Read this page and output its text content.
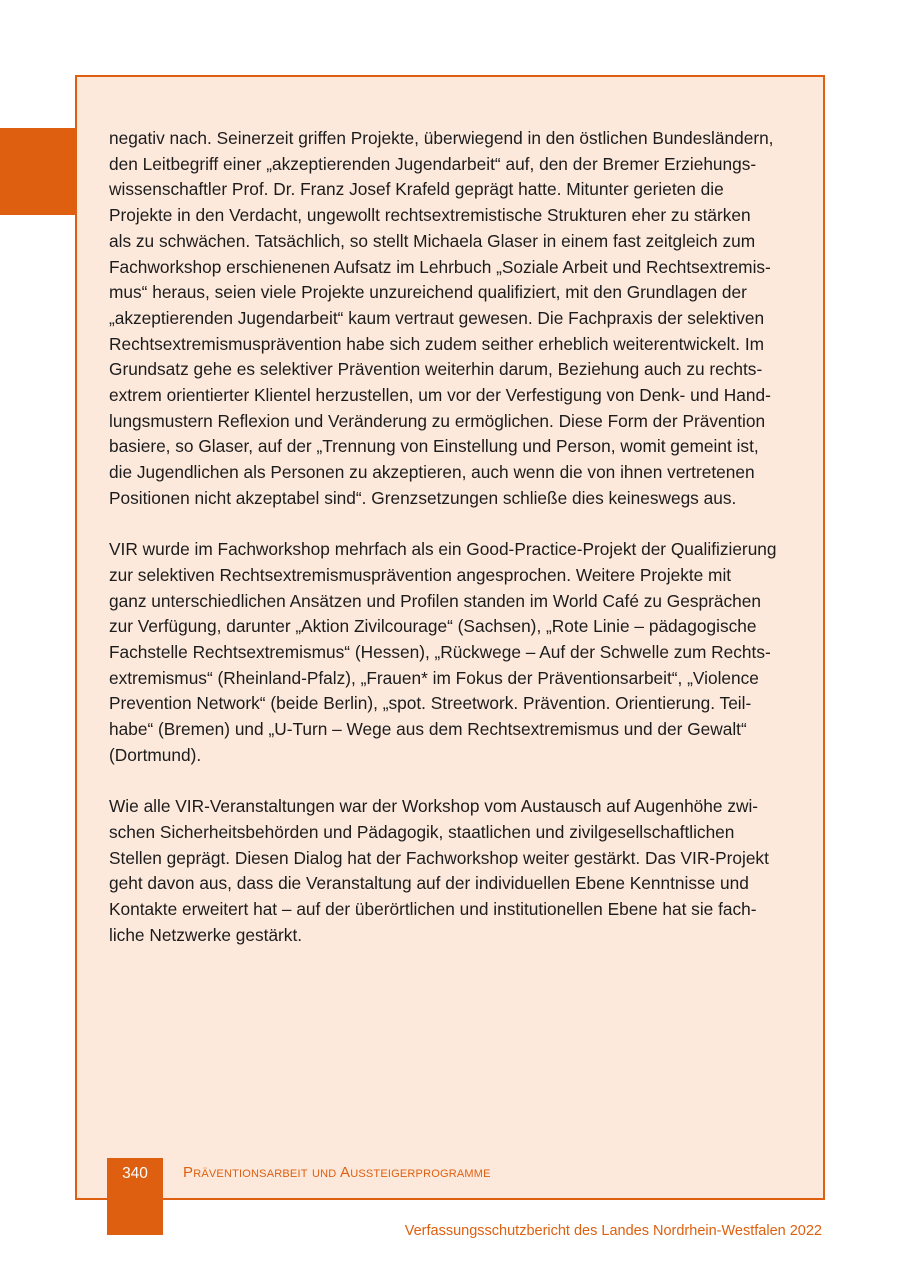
negativ nach. Seinerzeit griffen Projekte, überwiegend in den östlichen Bundesländern,
den Leitbegriff einer „akzeptierenden Jugendarbeit“ auf, den der Bremer Erziehungs-
wissenschaftler Prof. Dr. Franz Josef Krafeld geprägt hatte. Mitunter gerieten die
Projekte in den Verdacht, ungewollt rechtsextremistische Strukturen eher zu stärken
als zu schwächen. Tatsächlich, so stellt Michaela Glaser in einem fast zeitgleich zum
Fachworkshop erschienenen Aufsatz im Lehrbuch „Soziale Arbeit und Rechtsextremis-
mus“ heraus, seien viele Projekte unzureichend qualifiziert, mit den Grundlagen der
„akzeptierenden Jugendarbeit“ kaum vertraut gewesen. Die Fachpraxis der selektiven
Rechtsextremismusprävention habe sich zudem seither erheblich weiterentwickelt. Im
Grundsatz gehe es selektiver Prävention weiterhin darum, Beziehung auch zu rechts-
extrem orientierter Klientel herzustellen, um vor der Verfestigung von Denk- und Hand-
lungsmustern Reflexion und Veränderung zu ermöglichen. Diese Form der Prävention
basiere, so Glaser, auf der „Trennung von Einstellung und Person, womit gemeint ist,
die Jugendlichen als Personen zu akzeptieren, auch wenn die von ihnen vertretenen
Positionen nicht akzeptabel sind“. Grenzsetzungen schließe dies keineswegs aus.

VIR wurde im Fachworkshop mehrfach als ein Good-Practice-Projekt der Qualifizierung
zur selektiven Rechtsextremismusprävention angesprochen. Weitere Projekte mit
ganz unterschiedlichen Ansätzen und Profilen standen im World Café zu Gesprächen
zur Verfügung, darunter „Aktion Zivilcourage“ (Sachsen), „Rote Linie – pädagogische
Fachstelle Rechtsextremismus“ (Hessen), „Rückwege – Auf der Schwelle zum Rechts-
extremismus“ (Rheinland-Pfalz), „Frauen* im Fokus der Präventionsarbeit“, „Violence
Prevention Network“ (beide Berlin), „spot. Streetwork. Prävention. Orientierung. Teil-
habe“ (Bremen) und „U-Turn – Wege aus dem Rechtsextremismus und der Gewalt“
(Dortmund).

Wie alle VIR-Veranstaltungen war der Workshop vom Austausch auf Augenhöhe zwi-
schen Sicherheitsbehörden und Pädagogik, staatlichen und zivilgesellschaftlichen
Stellen geprägt. Diesen Dialog hat der Fachworkshop weiter gestärkt. Das VIR-Projekt
geht davon aus, dass die Veranstaltung auf der individuellen Ebene Kenntnisse und
Kontakte erweitert hat – auf der überörtlichen und institutionellen Ebene hat sie fach-
liche Netzwerke gestärkt.

340	Präventionsarbeit und Aussteigerprogramme
Verfassungsschutzbericht des Landes Nordrhein-Westfalen 2022
